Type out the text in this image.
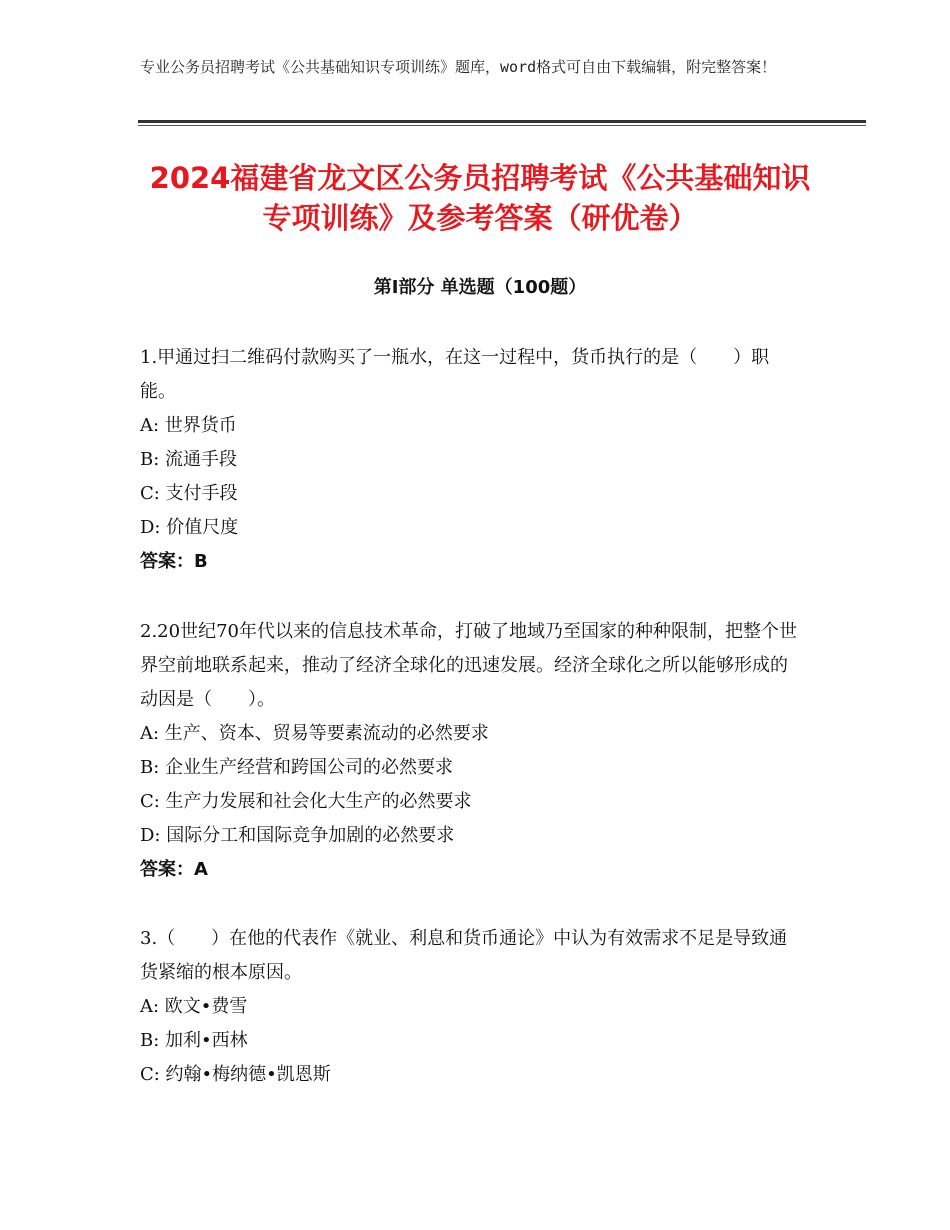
专业公务员招聘考试《公共基础知识专项训练》题库，word格式可自由下载编辑，附完整答案！
2024福建省龙文区公务员招聘考试《公共基础知识专项训练》及参考答案（研优卷）
第Ⅰ部分 单选题（100题）

1.甲通过扫二维码付款购买了一瓶水，在这一过程中，货币执行的是（　　）职能。

A: 世界货币

B: 流通手段

C: 支付手段

D: 价值尺度

答案：B

2.20世纪70年代以来的信息技术革命，打破了地域乃至国家的种种限制，把整个世界空前地联系起来，推动了经济全球化的迅速发展。经济全球化之所以能够形成的动因是（　　）。

A: 生产、资本、贸易等要素流动的必然要求

B: 企业生产经营和跨国公司的必然要求

C: 生产力发展和社会化大生产的必然要求

D: 国际分工和国际竞争加剧的必然要求

答案：A

3.（　　）在他的代表作《就业、利息和货币通论》中认为有效需求不足是导致通货紧缩的根本原因。

A: 欧文•费雪

B: 加利•西林

C: 约翰•梅纳德•凯恩斯
